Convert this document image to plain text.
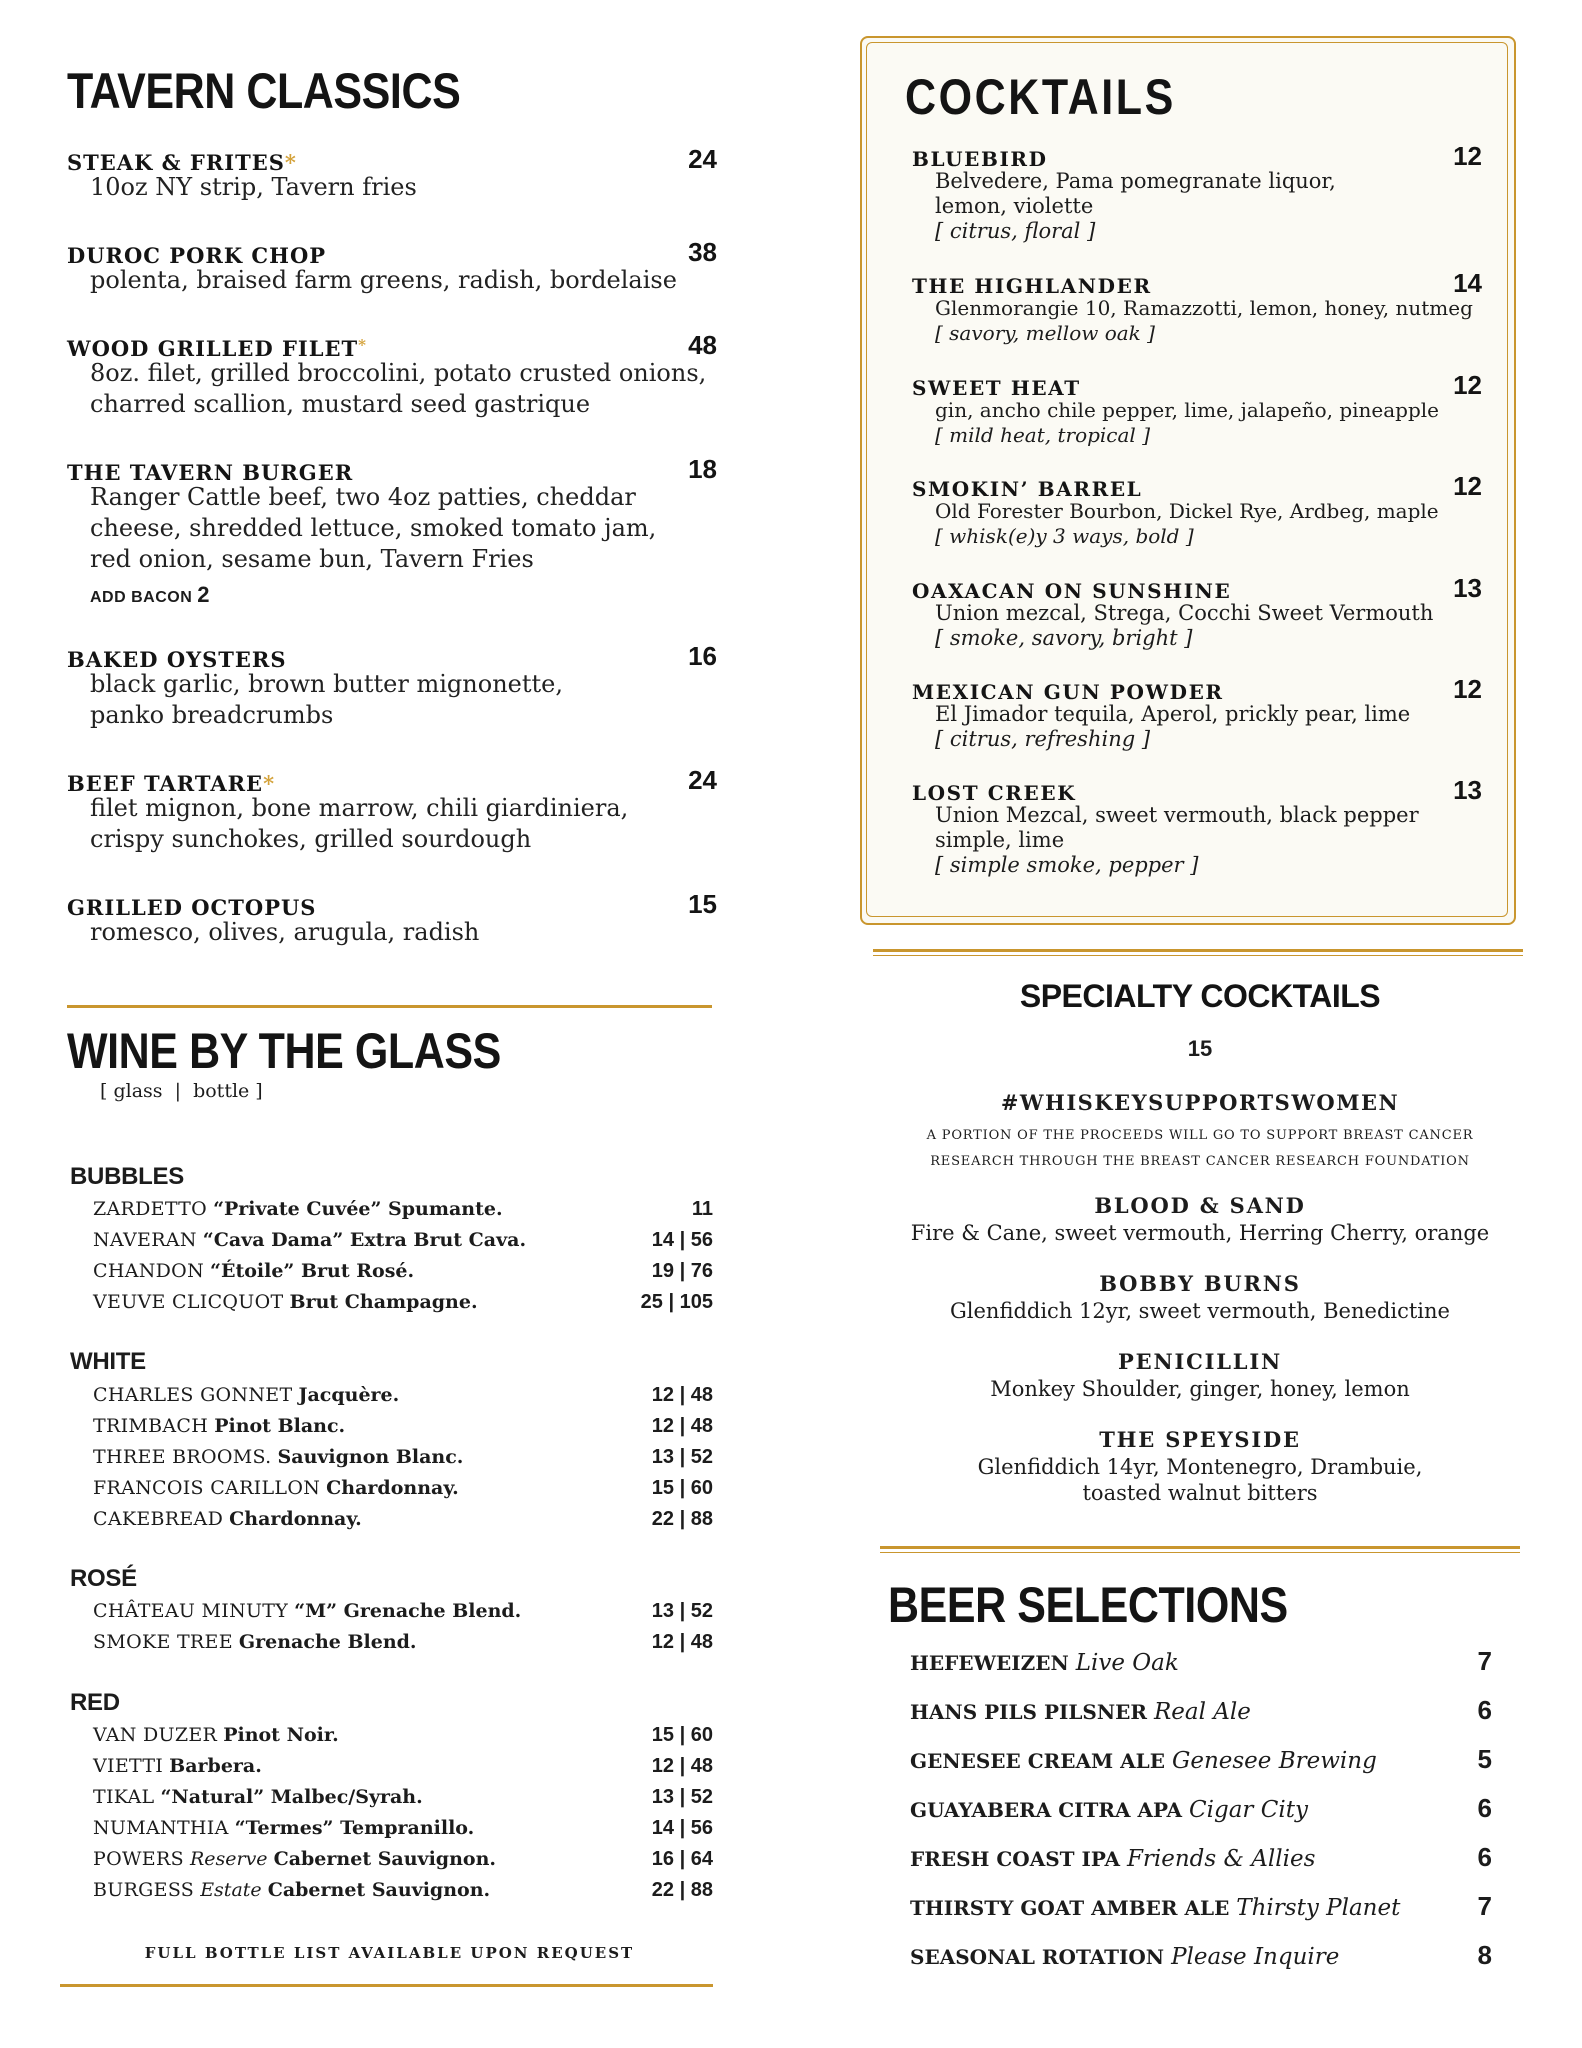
TAVERN CLASSICS
STEAK & FRITES*	24
10oz NY strip, Tavern fries
DUROC PORK CHOP	38
polenta, braised farm greens, radish, bordelaise
WOOD GRILLED FILET*	48
8oz. filet, grilled broccolini, potato crusted onions, charred scallion, mustard seed gastrique
THE TAVERN BURGER	18
Ranger Cattle beef, two 4oz patties, cheddar cheese, shredded lettuce, smoked tomato jam, red onion, sesame bun, Tavern Fries
ADD BACON 2
BAKED OYSTERS	16
black garlic, brown butter mignonette, panko breadcrumbs
BEEF TARTARE*	24
filet mignon, bone marrow, chili giardiniera, crispy sunchokes, grilled sourdough
GRILLED OCTOPUS	15
romesco, olives, arugula, radish
WINE BY THE GLASS
[ glass  |  bottle ]
BUBBLES
ZARDETTO “Private Cuvée” Spumante.	11
NAVERAN “Cava Dama” Extra Brut Cava.	14 | 56
CHANDON “Étoile” Brut Rosé.	19 | 76
VEUVE CLICQUOT Brut Champagne.	25 | 105
WHITE
CHARLES GONNET Jacquère.	12 | 48
TRIMBACH Pinot Blanc.	12 | 48
THREE BROOMS. Sauvignon Blanc.	13 | 52
FRANCOIS CARILLON Chardonnay.	15 | 60
CAKEBREAD Chardonnay.	22 | 88
ROSÉ
CHÂTEAU MINUTY “M” Grenache Blend.	13 | 52
SMOKE TREE Grenache Blend.	12 | 48
RED
VAN DUZER Pinot Noir.	15 | 60
VIETTI Barbera.	12 | 48
TIKAL “Natural” Malbec/Syrah.	13 | 52
NUMANTHIA “Termes” Tempranillo.	14 | 56
POWERS Reserve Cabernet Sauvignon.	16 | 64
BURGESS Estate Cabernet Sauvignon.	22 | 88
FULL BOTTLE LIST AVAILABLE UPON REQUEST
COCKTAILS
BLUEBIRD	12
Belvedere, Pama pomegranate liquor, lemon, violette
[ citrus, floral ]
THE HIGHLANDER	14
Glenmorangie 10, Ramazzotti, lemon, honey, nutmeg
[ savory, mellow oak ]
SWEET HEAT	12
gin, ancho chile pepper, lime, jalapeño, pineapple
[ mild heat, tropical ]
SMOKIN’ BARREL	12
Old Forester Bourbon, Dickel Rye, Ardbeg, maple
[ whisk(e)y 3 ways, bold ]
OAXACAN ON SUNSHINE	13
Union mezcal, Strega, Cocchi Sweet Vermouth
[ smoke, savory, bright ]
MEXICAN GUN POWDER	12
El Jimador tequila, Aperol, prickly pear, lime
[ citrus, refreshing ]
LOST CREEK	13
Union Mezcal, sweet vermouth, black pepper simple, lime
[ simple smoke, pepper ]
SPECIALTY COCKTAILS
15
#WHISKEYSUPPORTSWOMEN
A PORTION OF THE PROCEEDS WILL GO TO SUPPORT BREAST CANCER
RESEARCH THROUGH THE BREAST CANCER RESEARCH FOUNDATION
BLOOD & SAND
Fire & Cane, sweet vermouth, Herring Cherry, orange
BOBBY BURNS
Glenfiddich 12yr, sweet vermouth, Benedictine
PENICILLIN
Monkey Shoulder, ginger, honey, lemon
THE SPEYSIDE
Glenfiddich 14yr, Montenegro, Drambuie,
toasted walnut bitters
BEER SELECTIONS
HEFEWEIZEN Live Oak	7
HANS PILS PILSNER Real Ale	6
GENESEE CREAM ALE Genesee Brewing	5
GUAYABERA CITRA APA Cigar City	6
FRESH COAST IPA Friends & Allies	6
THIRSTY GOAT AMBER ALE Thirsty Planet	7
SEASONAL ROTATION Please Inquire	8
